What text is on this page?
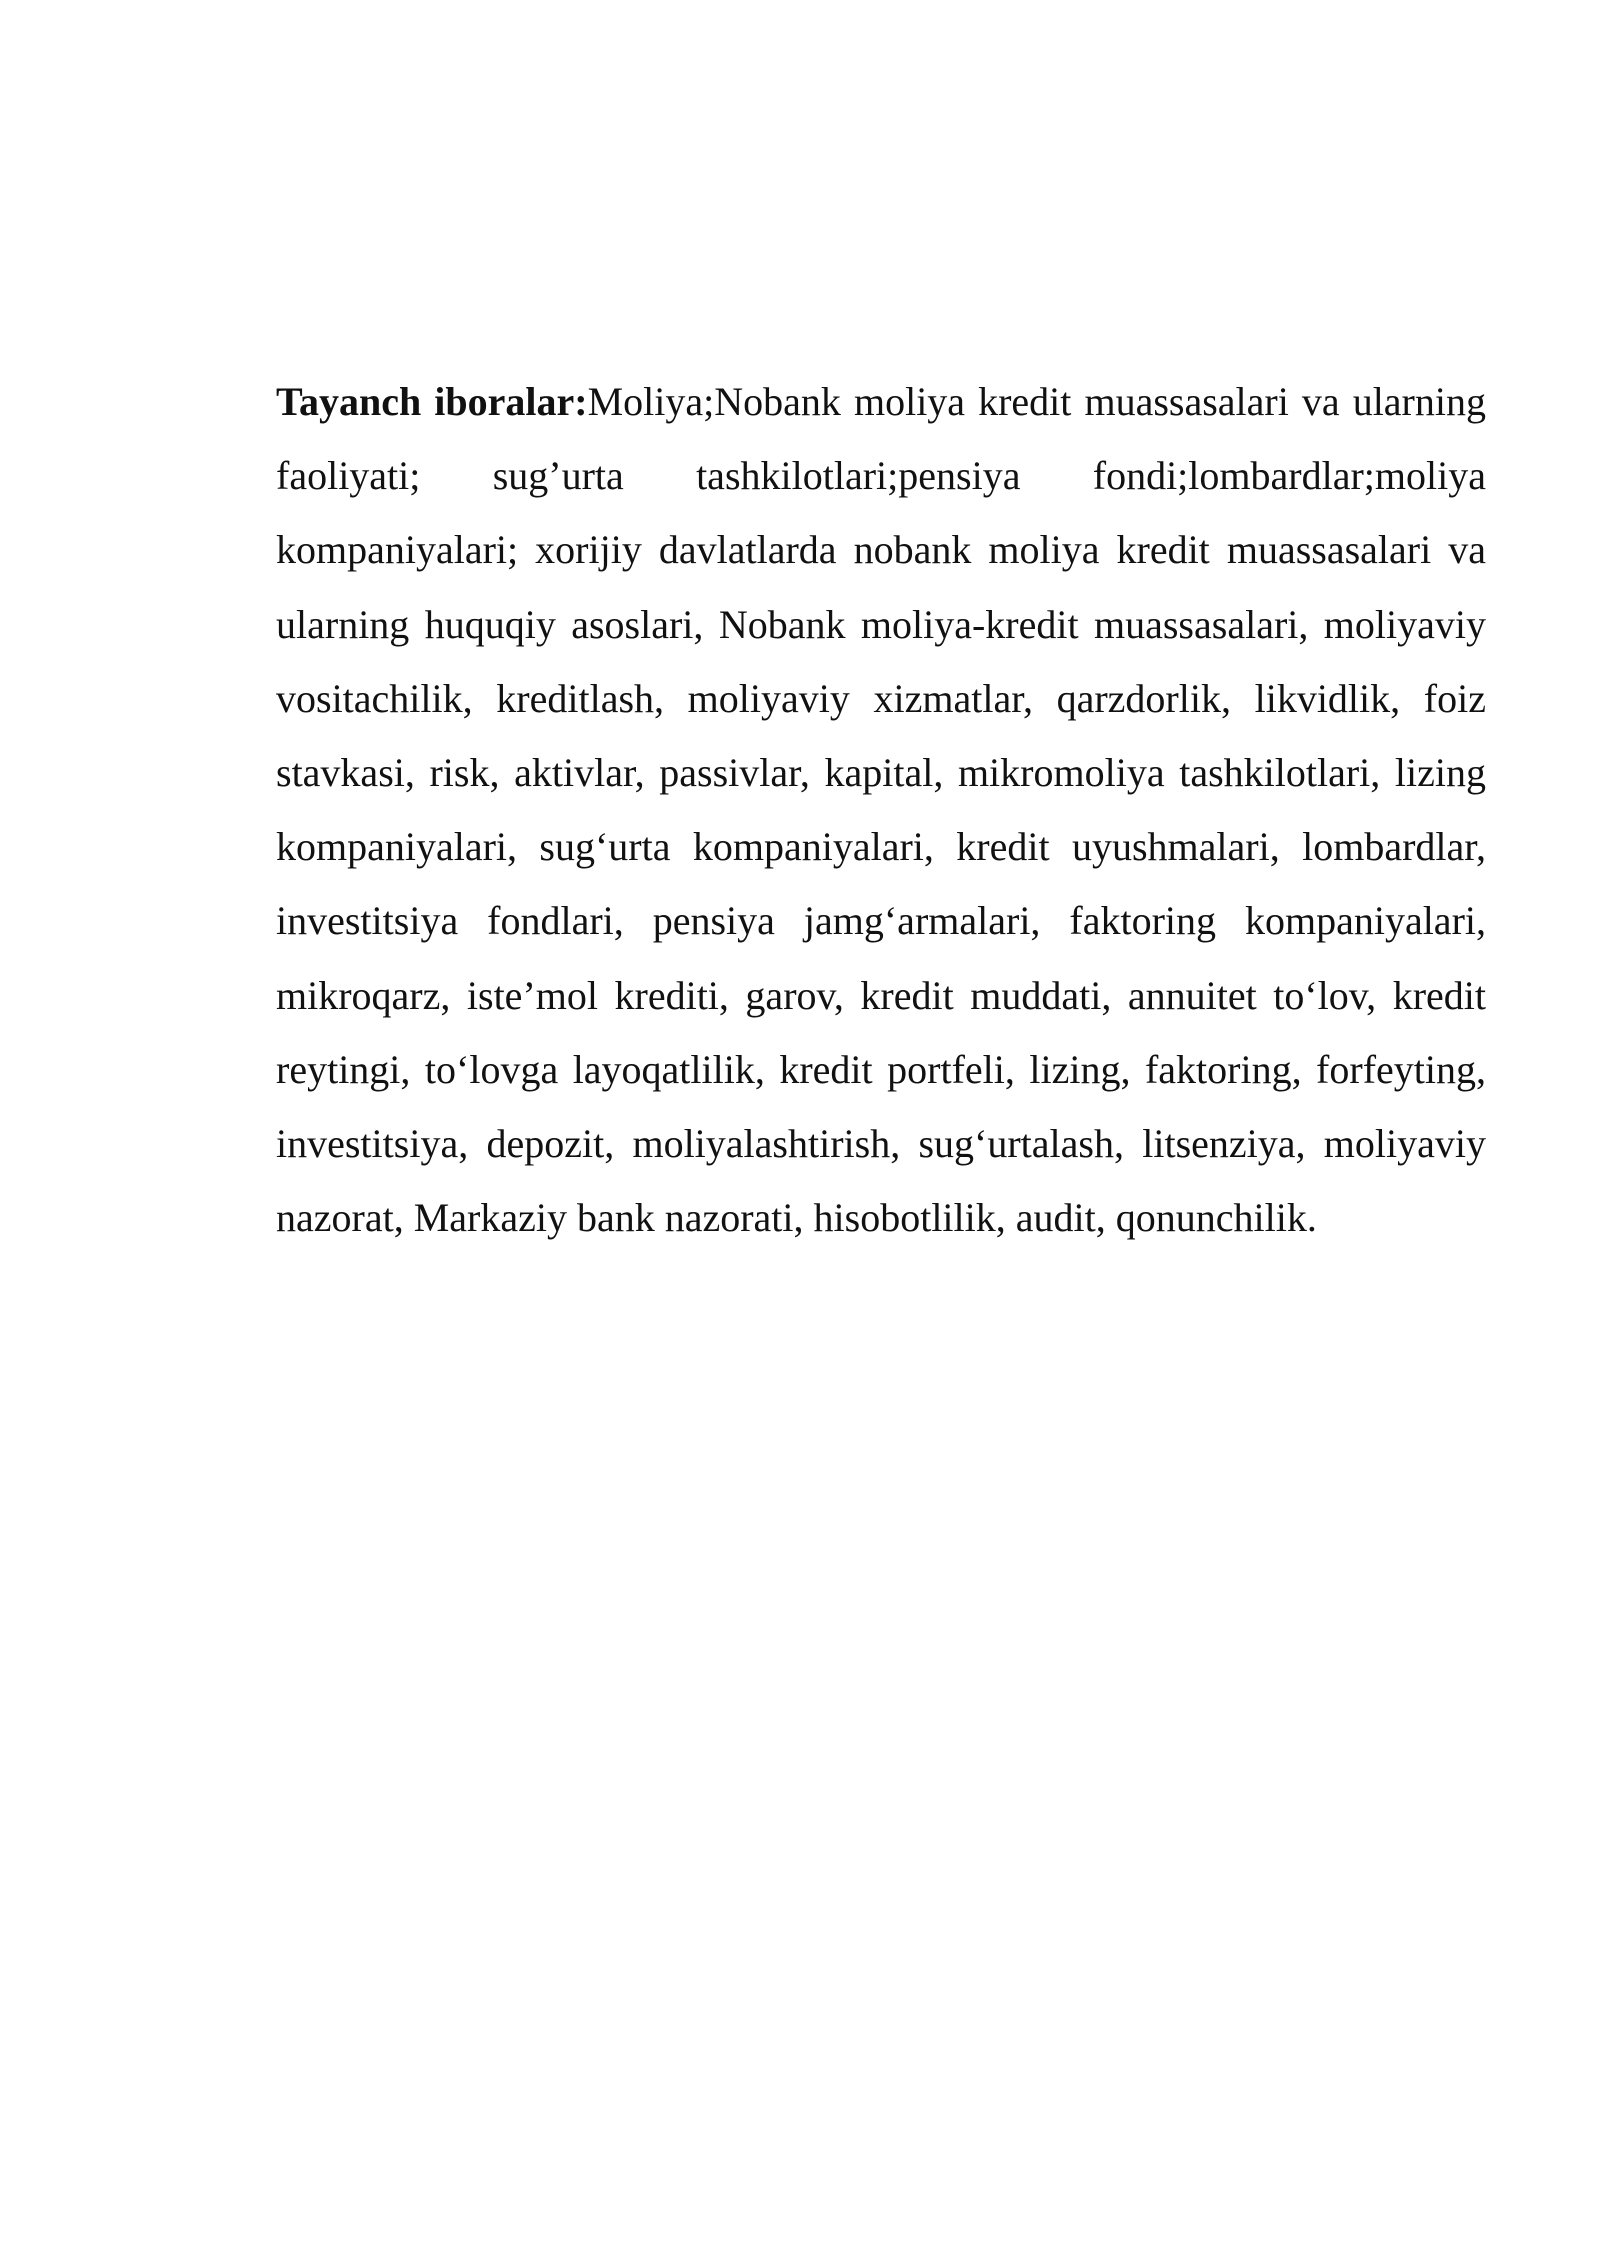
Tayanch iboralar:Moliya;Nobank moliya kredit muassasalari va ularning faoliyati; sug’urta tashkilotlari;pensiya fondi;lombardlar;moliya kompaniyalari; xorijiy davlatlarda nobank moliya kredit muassasalari va ularning huquqiy asoslari, Nobank moliya-kredit muassasalari, moliyaviy vositachilik, kreditlash, moliyaviy xizmatlar, qarzdorlik, likvidlik, foiz stavkasi, risk, aktivlar, passivlar, kapital, mikromoliya tashkilotlari, lizing kompaniyalari, sug‘urta kompaniyalari, kredit uyushmalari, lombardlar, investitsiya fondlari, pensiya jamg‘armalari, faktoring kompaniyalari, mikroqarz, iste’mol krediti, garov, kredit muddati, annuitet to‘lov, kredit reytingi, to‘lovga layoqatlilik, kredit portfeli, lizing, faktoring, forfeyting, investitsiya, depozit, moliyalashtirish, sug‘urtalash, litsenziya, moliyaviy nazorat, Markaziy bank nazorati, hisobotlilik, audit, qonunchilik.
